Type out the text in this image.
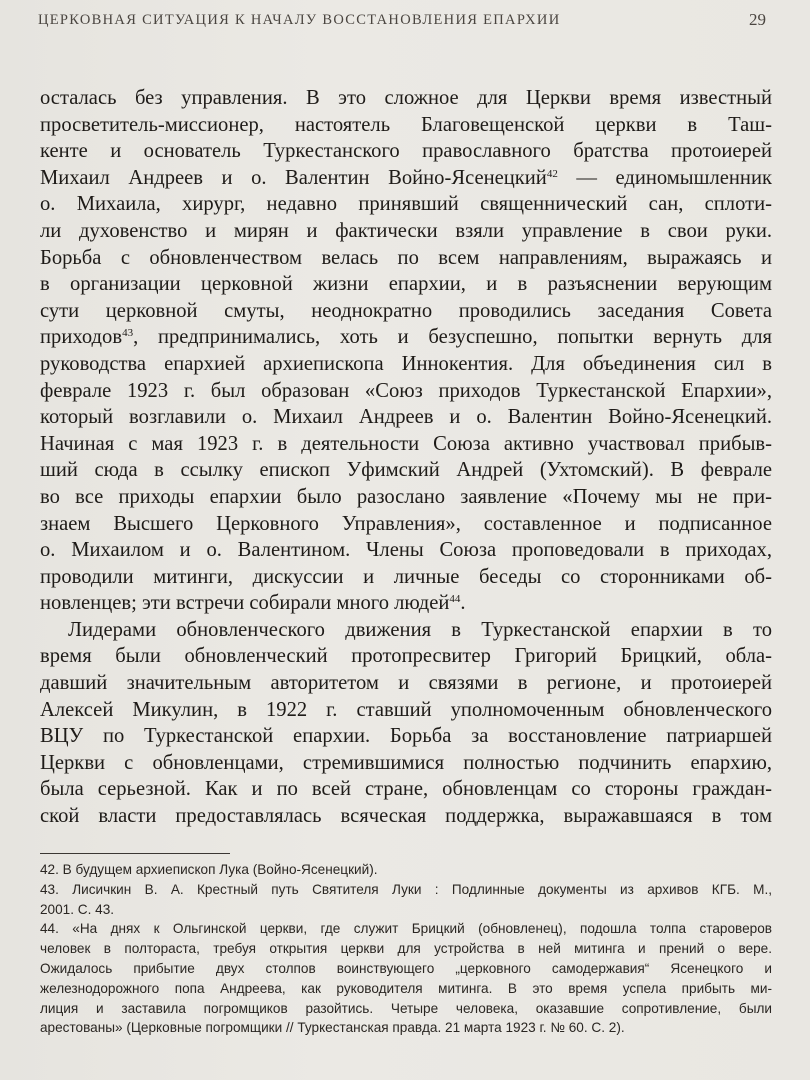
ЦЕРКОВНАЯ СИТУАЦИЯ К НАЧАЛУ ВОССТАНОВЛЕНИЯ ЕПАРХИИ	29
осталась без управления. В это сложное для Церкви время известный
просветитель-миссионер, настоятель Благовещенской церкви в Таш-
кенте и основатель Туркестанского православного братства протоиерей
Михаил Андреев и о. Валентин Войно-Ясенецкий$^{42}$ — единомышленник
о. Михаила, хирург, недавно принявший священнический сан, сплоти-
ли духовенство и мирян и фактически взяли управление в свои руки.
Борьба с обновленчеством велась по всем направлениям, выражаясь и
в организации церковной жизни епархии, и в разъяснении верующим
сути церковной смуты, неоднократно проводились заседания Совета
приходов$^{43}$, предпринимались, хоть и безуспешно, попытки вернуть для
руководства епархией архиепископа Иннокентия. Для объединения сил в
феврале 1923 г. был образован «Союз приходов Туркестанской Епархии»,
который возглавили о. Михаил Андреев и о. Валентин Войно-Ясенецкий.
Начиная с мая 1923 г. в деятельности Союза активно участвовал прибыв-
ший сюда в ссылку епископ Уфимский Андрей (Ухтомский). В феврале
во все приходы епархии было разослано заявление «Почему мы не при-
знаем Высшего Церковного Управления», составленное и подписанное
о. Михаилом и о. Валентином. Члены Союза проповедовали в приходах,
проводили митинги, дискуссии и личные беседы со сторонниками об-
новленцев; эти встречи собирали много людей$^{44}$.
Лидерами обновленческого движения в Туркестанской епархии в то
время были обновленческий протопресвитер Григорий Брицкий, обла-
давший значительным авторитетом и связями в регионе, и протоиерей
Алексей Микулин, в 1922 г. ставший уполномоченным обновленческого
ВЦУ по Туркестанской епархии. Борьба за восстановление патриаршей
Церкви с обновленцами, стремившимися полностью подчинить епархию,
была серьезной. Как и по всей стране, обновленцам со стороны граждан-
ской власти предоставлялась всяческая поддержка, выражавшаяся в том
42. В будущем архиепископ Лука (Войно-Ясенецкий).
43. Лисичкин В. А. Крестный путь Святителя Луки : Подлинные документы из архивов КГБ. М.,
2001. С. 43.
44. «На днях к Ольгинской церкви, где служит Брицкий (обновленец), подошла толпа староверов
человек в полтораста, требуя открытия церкви для устройства в ней митинга и прений о вере.
Ожидалось прибытие двух столпов воинствующего „церковного самодержавия“ Ясенецкого и
железнодорожного попа Андреева, как руководителя митинга. В это время успела прибыть ми-
лиция и заставила погромщиков разойтись. Четыре человека, оказавшие сопротивление, были
арестованы» (Церковные погромщики // Туркестанская правда. 21 марта 1923 г. № 60. С. 2).
